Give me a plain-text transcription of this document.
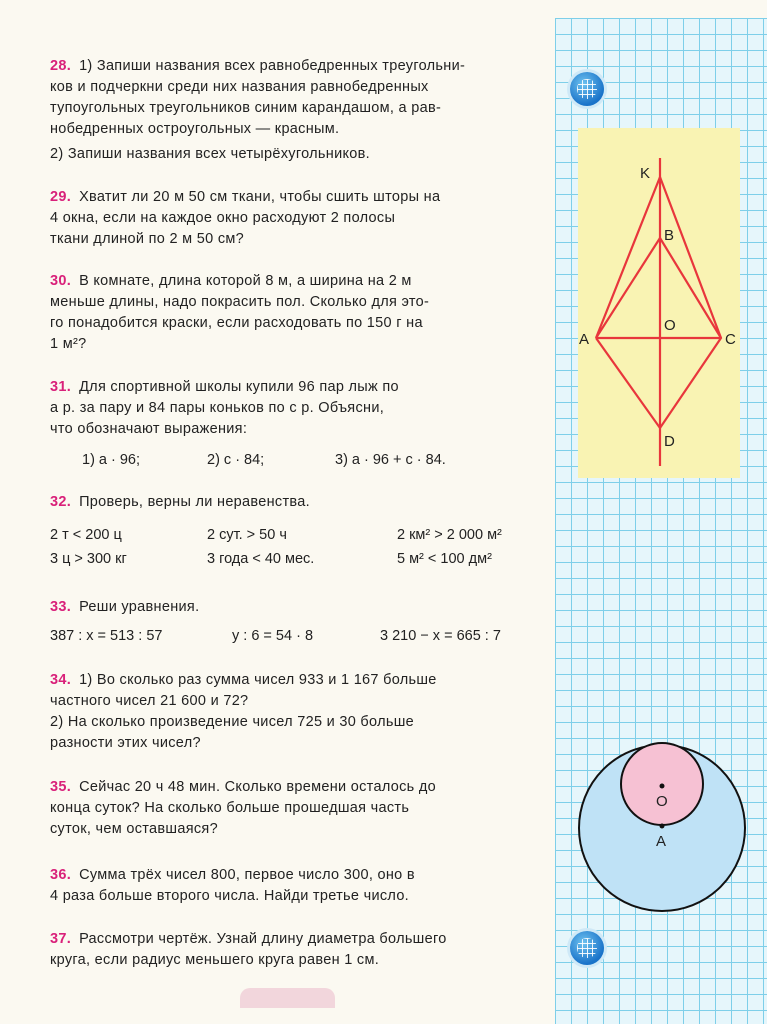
28. 1) Запиши названия всех равнобедренных треугольни-
ков и подчеркни среди них названия равнобедренных
тупоугольных треугольников синим карандашом, а рав-
нобедренных остроугольных — красным.
2) Запиши названия всех четырёхугольников.
29. Хватит ли 20 м 50 см ткани, чтобы сшить шторы на
4 окна, если на каждое окно расходуют 2 полосы
ткани длиной по 2 м 50 см?
30. В комнате, длина которой 8 м, а ширина на 2 м
меньше длины, надо покрасить пол. Сколько для это-
го понадобится краски, если расходовать по 150 г на
1 м²?
31. Для спортивной школы купили 96 пар лыж по
a р. за пару и 84 пары коньков по c р. Объясни,
что обозначают выражения:
1) a · 96;	2) c · 84;	3) a · 96 + c · 84.
32. Проверь, верны ли неравенства.
2 т < 200 ц	2 сут. > 50 ч	2 км² > 2 000 м²
3 ц > 300 кг	3 года < 40 мес.	5 м² < 100 дм²
33. Реши уравнения.
387 : x = 513 : 57	y : 6 = 54 · 8	3 210 − x = 665 : 7
34. 1) Во сколько раз сумма чисел 933 и 1 167 больше
частного чисел 21 600 и 72?
2) На сколько произведение чисел 725 и 30 больше
разности этих чисел?
35. Сейчас 20 ч 48 мин. Сколько времени осталось до
конца суток? На сколько больше прошедшая часть
суток, чем оставшаяся?
36. Сумма трёх чисел 800, первое число 300, оно в
4 раза больше второго числа. Найди третье число.
37. Рассмотри чертёж. Узнай длину диаметра большего
круга, если радиус меньшего круга равен 1 см.
K
B
A
O
C
D
O
A
